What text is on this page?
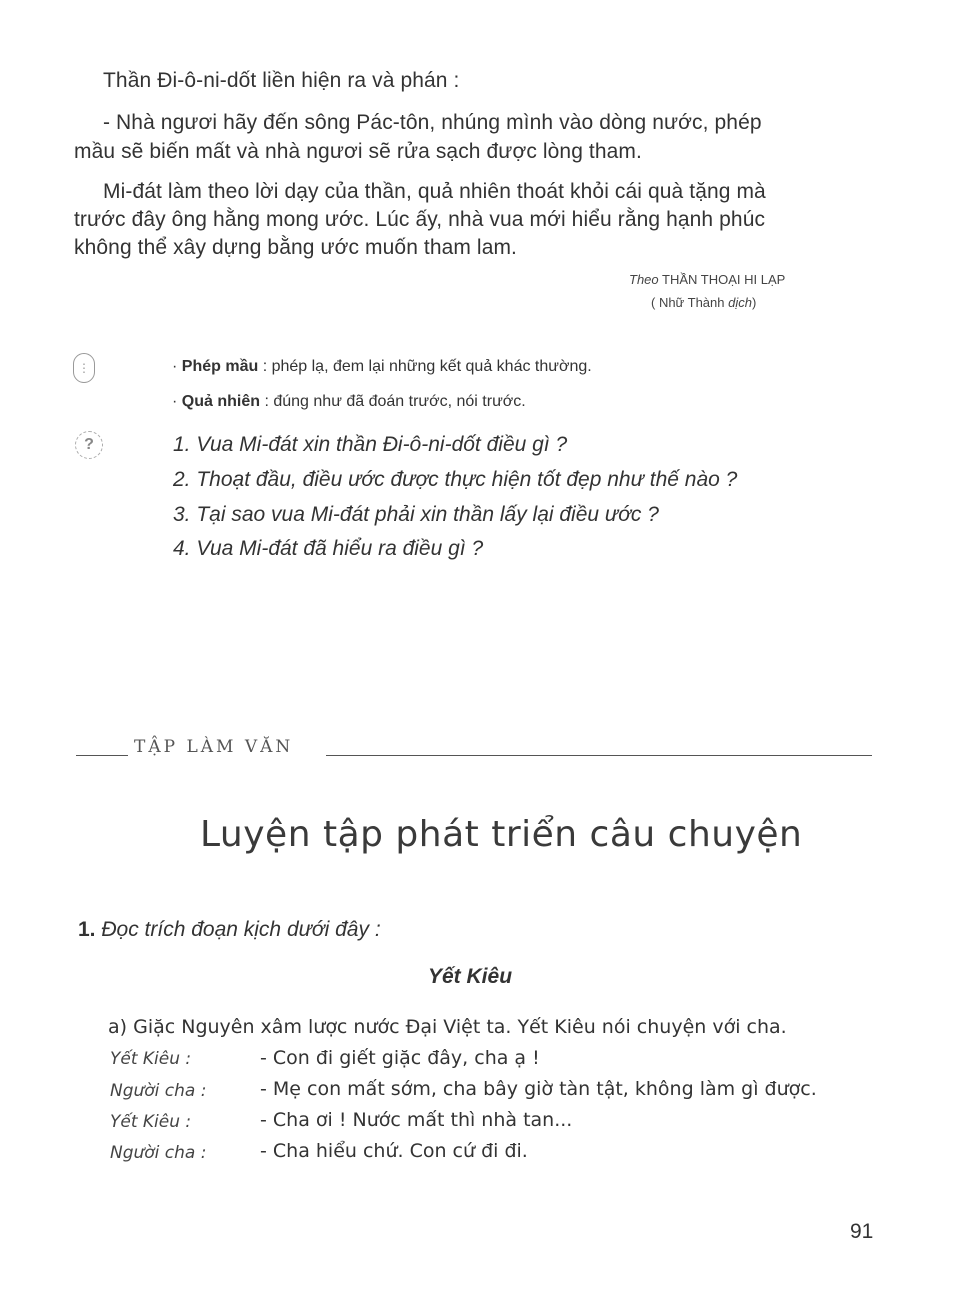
Thần Đi-ô-ni-dốt liền hiện ra và phán :
- Nhà ngươi hãy đến sông Pác-tôn, nhúng mình vào dòng nước, phép
mầu sẽ biến mất và nhà ngươi sẽ rửa sạch được lòng tham.
Mi-đát làm theo lời dạy của thần, quả nhiên thoát khỏi cái quà tặng mà
trước đây ông hằng mong ước. Lúc ấy, nhà vua mới hiểu rằng hạnh phúc
không thể xây dựng bằng ước muốn tham lam.
Theo THẦN THOẠI HI LẠP
( Nhữ Thành dịch)
⋮	· Phép mầu : phép lạ, đem lại những kết quả khác thường.
· Quả nhiên : đúng như đã đoán trước, nói trước.
?	1. Vua Mi-đát xin thần Đi-ô-ni-dốt điều gì ?
2. Thoạt đầu, điều ước được thực hiện tốt đẹp như thế nào ?
3. Tại sao vua Mi-đát phải xin thần lấy lại điều ước ?
4. Vua Mi-đát đã hiểu ra điều gì ?
TẬP LÀM VĂN
Luyện tập phát triển câu chuyện
1. Đọc trích đoạn kịch dưới đây :
Yết Kiêu
a) Giặc Nguyên xâm lược nước Đại Việt ta. Yết Kiêu nói chuyện với cha.
Yết Kiêu :	- Con đi giết giặc đây, cha ạ !
Người cha :	- Mẹ con mất sớm, cha bây giờ tàn tật, không làm gì được.
Yết Kiêu :	- Cha ơi ! Nước mất thì nhà tan...
Người cha :	- Cha hiểu chứ. Con cứ đi đi.
91
